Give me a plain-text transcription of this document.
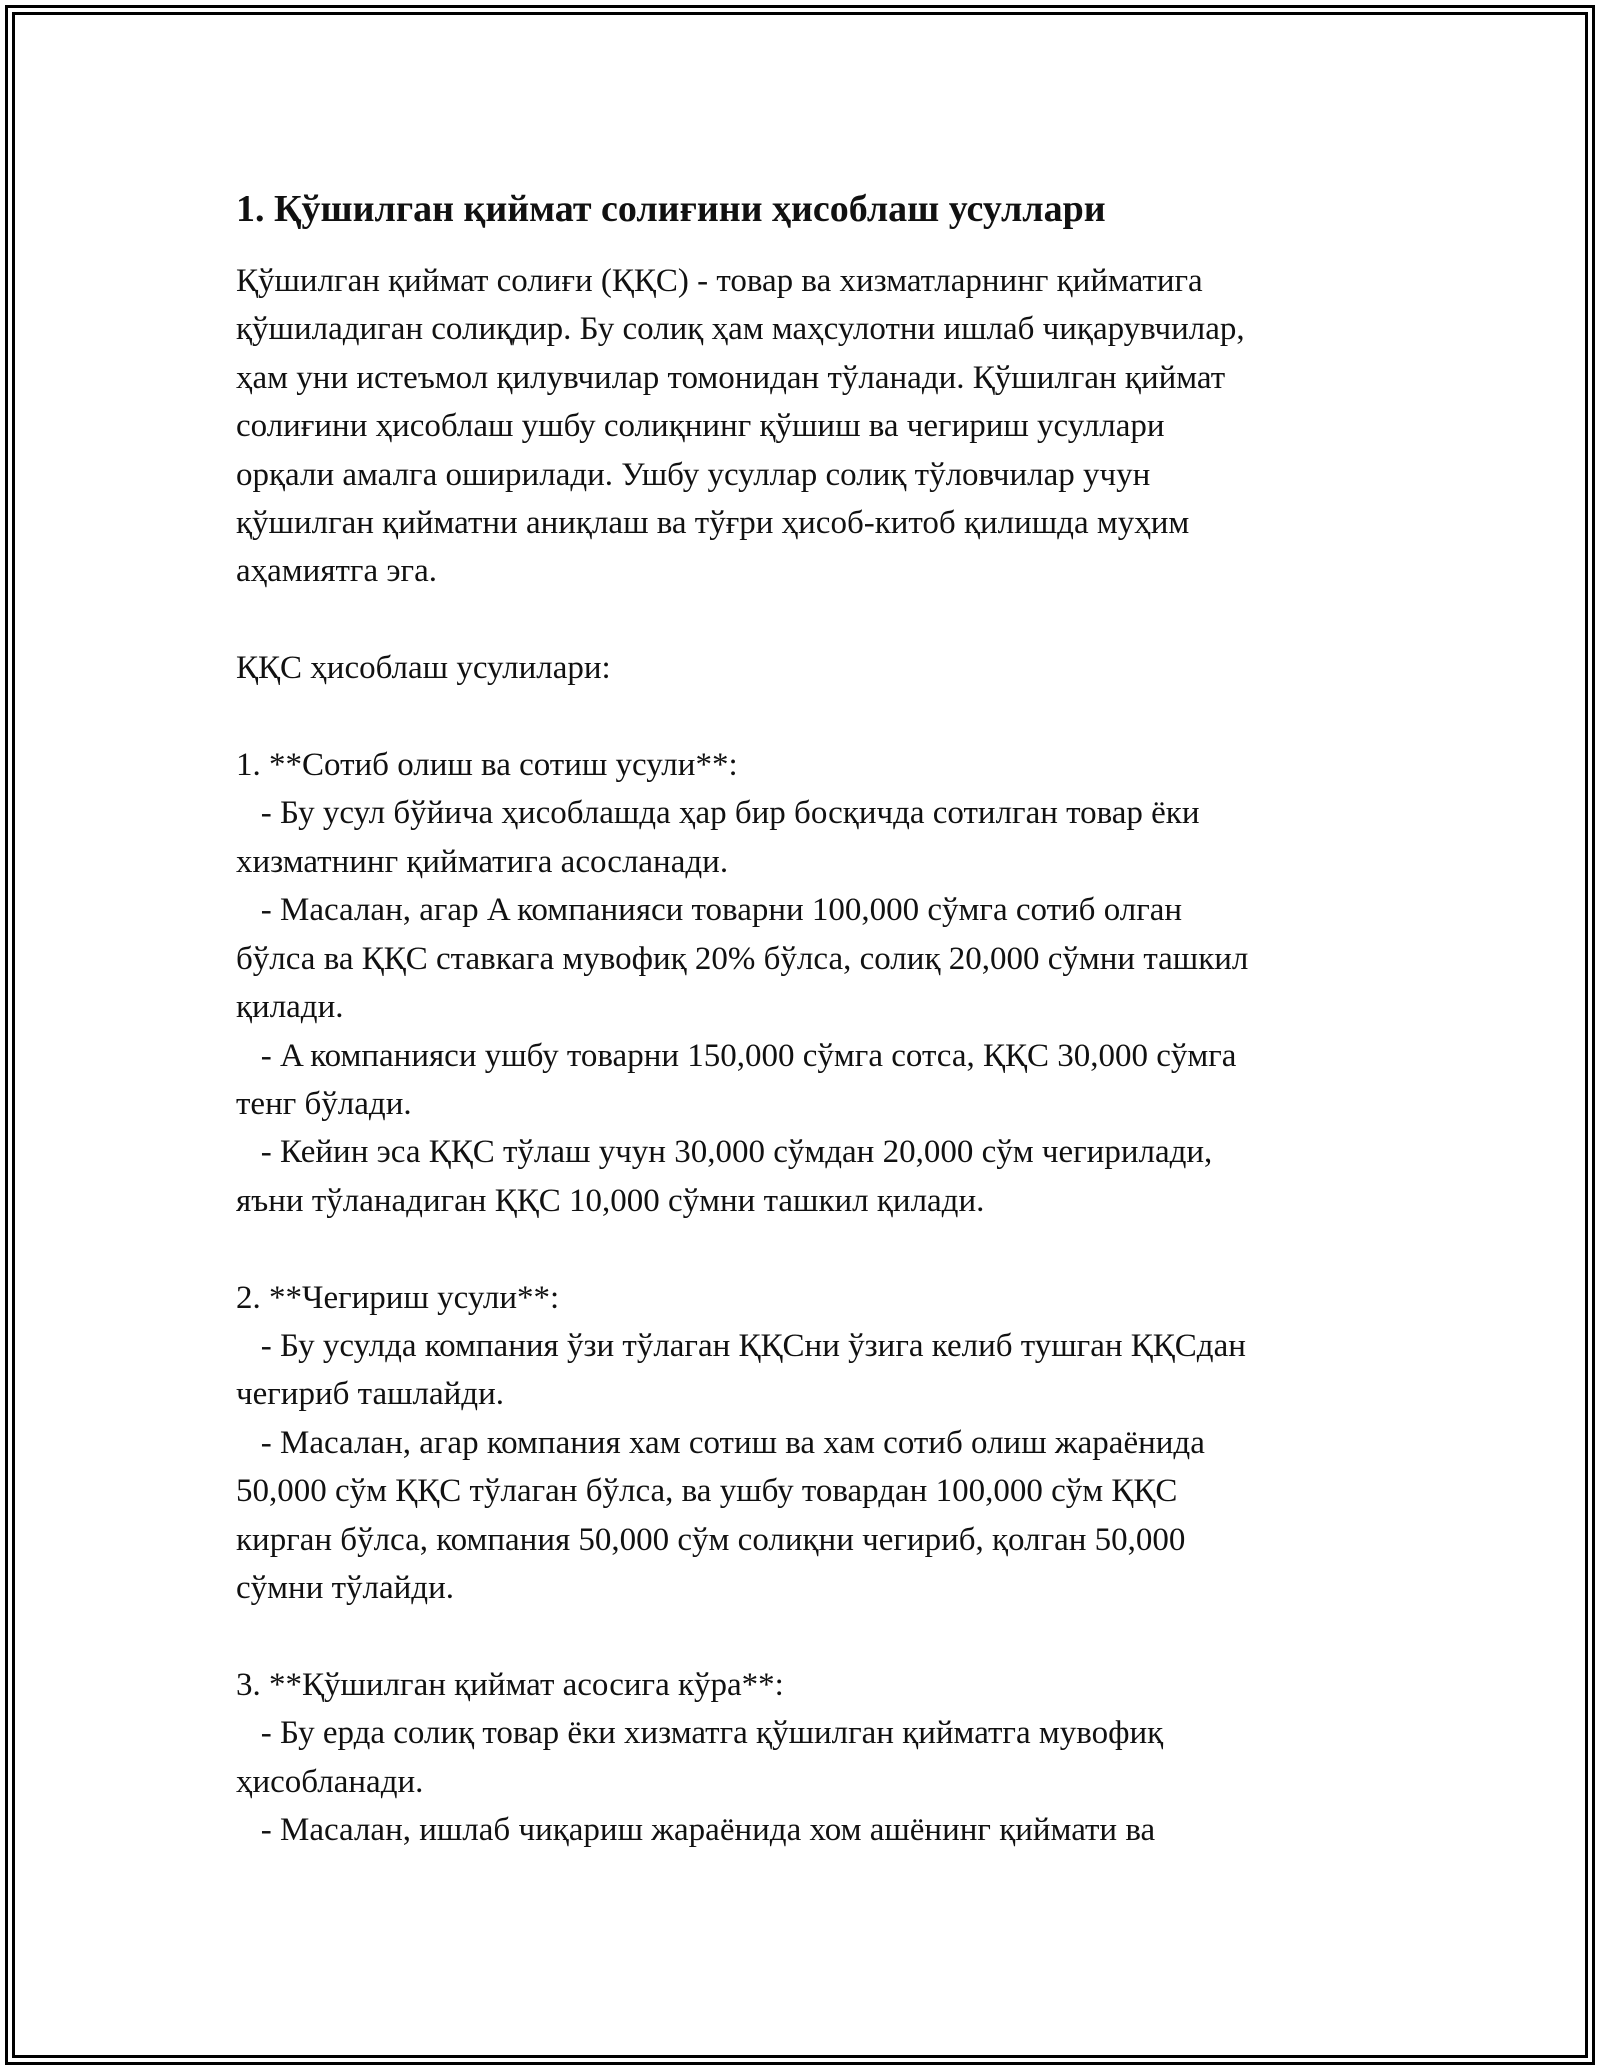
1. Қўшилган қиймат солиғини ҳисоблаш усуллари

Қўшилган қиймат солиғи (ҚҚС) - товар ва хизматларнинг қийматига
қўшиладиган солиқдир. Бу солиқ ҳам маҳсулотни ишлаб чиқарувчилар,
ҳам уни истеъмол қилувчилар томонидан тўланади. Қўшилган қиймат
солиғини ҳисоблаш ушбу солиқнинг қўшиш ва чегириш усуллари
орқали амалга оширилади. Ушбу усуллар солиқ тўловчилар учун
қўшилган қийматни аниқлаш ва тўғри ҳисоб-китоб қилишда муҳим
аҳамиятга эга.

ҚҚС ҳисоблаш усулилари:

1. **Сотиб олиш ва сотиш усули**:
- Бу усул бўйича ҳисоблашда ҳар бир босқичда сотилган товар ёки
хизматнинг қийматига асосланади.
- Масалан, агар A компанияси товарни 100,000 сўмга сотиб олган
бўлса ва ҚҚС ставкага мувофиқ 20% бўлса, солиқ 20,000 сўмни ташкил
қилади.
- A компанияси ушбу товарни 150,000 сўмга сотса, ҚҚС 30,000 сўмга
тенг бўлади.
- Кейин эса ҚҚС тўлаш учун 30,000 сўмдан 20,000 сўм чегирилади,
яъни тўланадиган ҚҚС 10,000 сўмни ташкил қилади.

2. **Чегириш усули**:
- Бу усулда компания ўзи тўлаган ҚҚСни ўзига келиб тушган ҚҚСдан
чегириб ташлайди.
- Масалан, агар компания хам сотиш ва хам сотиб олиш жараёнида
50,000 сўм ҚҚС тўлаган бўлса, ва ушбу товардан 100,000 сўм ҚҚС
кирган бўлса, компания 50,000 сўм солиқни чегириб, қолган 50,000
сўмни тўлайди.

3. **Қўшилган қиймат асосига кўра**:
- Бу ерда солиқ товар ёки хизматга қўшилган қийматга мувофиқ
ҳисобланади.
- Масалан, ишлаб чиқариш жараёнида хом ашёнинг қиймати ва
